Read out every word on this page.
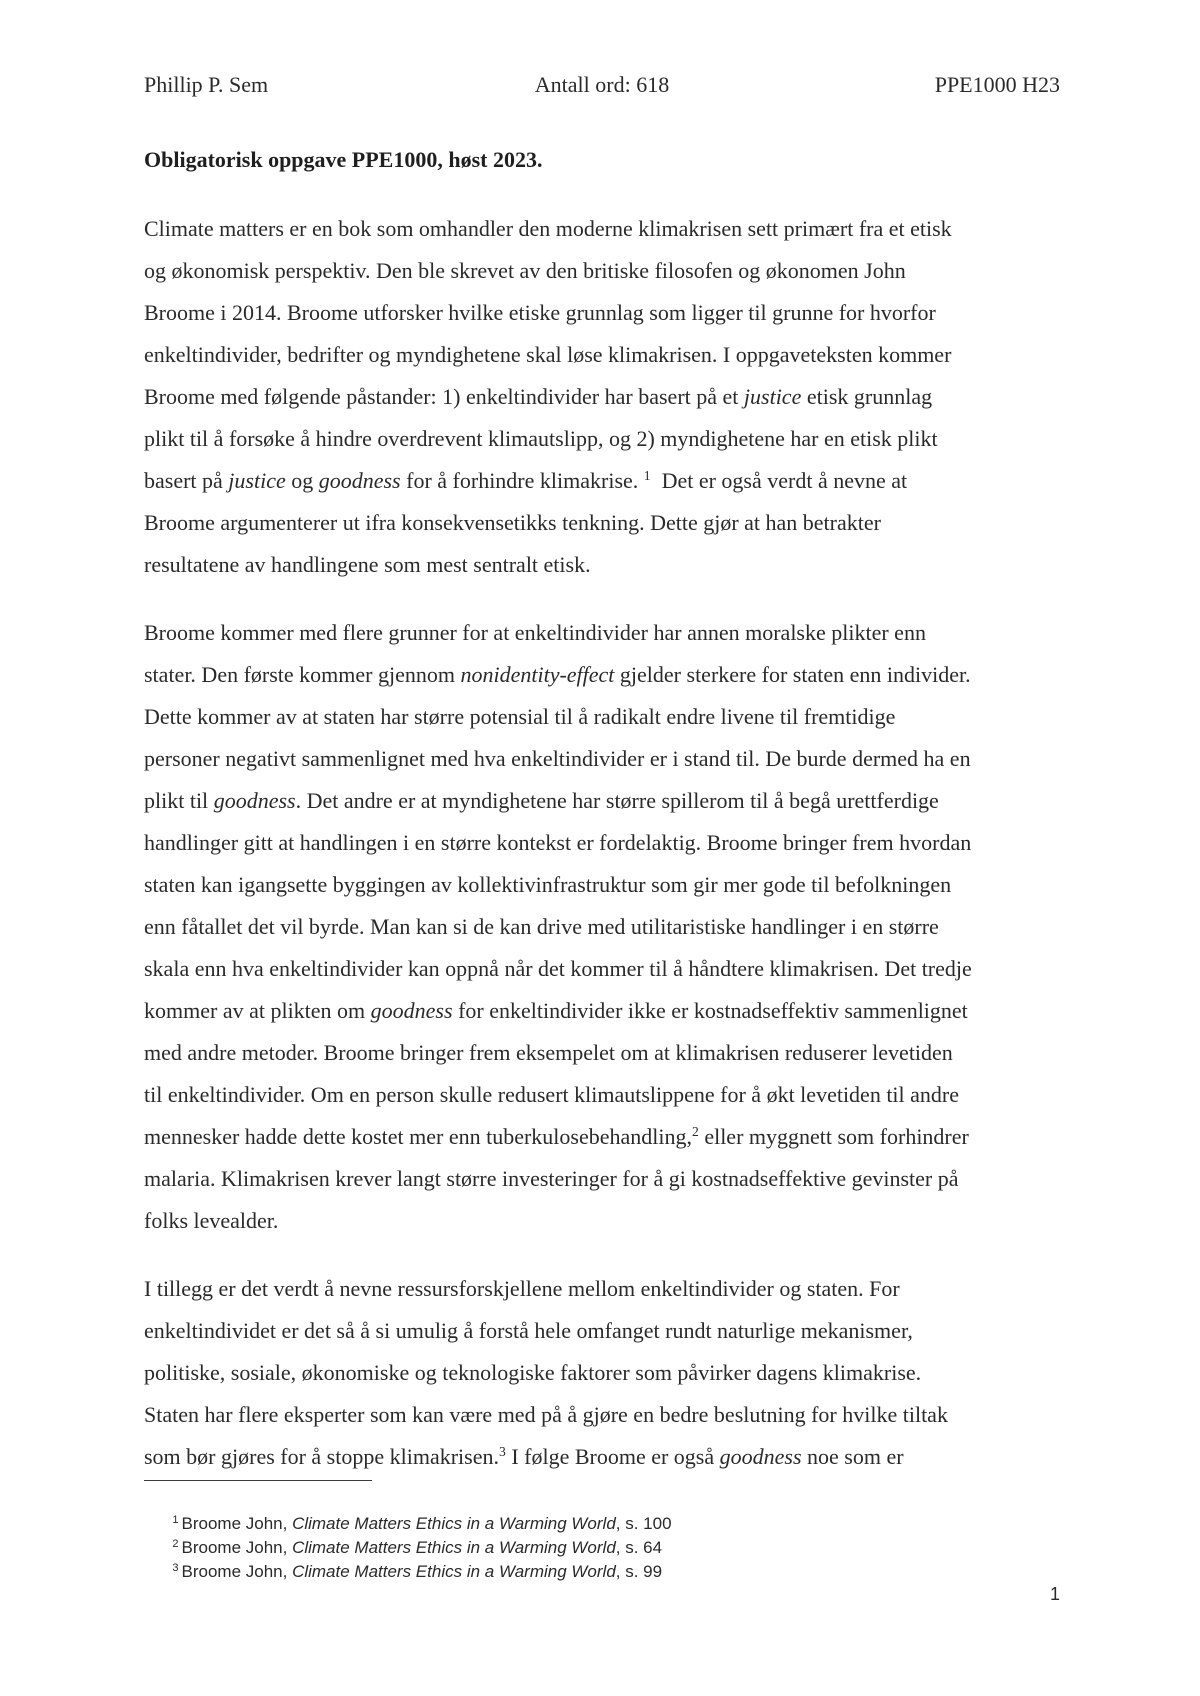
Phillip P. Sem	Antall ord: 618	PPE1000 H23
Obligatorisk oppgave PPE1000, høst 2023.
Climate matters er en bok som omhandler den moderne klimakrisen sett primært fra et etisk
og økonomisk perspektiv. Den ble skrevet av den britiske filosofen og økonomen John
Broome i 2014. Broome utforsker hvilke etiske grunnlag som ligger til grunne for hvorfor
enkeltindivider, bedrifter og myndighetene skal løse klimakrisen. I oppgaveteksten kommer
Broome med følgende påstander: 1) enkeltindivider har basert på et justice etisk grunnlag
plikt til å forsøke å hindre overdrevent klimautslipp, og 2) myndighetene har en etisk plikt
basert på justice og goodness for å forhindre klimakrise. $^1$  Det er også verdt å nevne at
Broome argumenterer ut ifra konsekvensetikks tenkning. Dette gjør at han betrakter
resultatene av handlingene som mest sentralt etisk.
Broome kommer med flere grunner for at enkeltindivider har annen moralske plikter enn
stater. Den første kommer gjennom nonidentity-effect gjelder sterkere for staten enn individer.
Dette kommer av at staten har større potensial til å radikalt endre livene til fremtidige
personer negativt sammenlignet med hva enkeltindivider er i stand til. De burde dermed ha en
plikt til goodness. Det andre er at myndighetene har større spillerom til å begå urettferdige
handlinger gitt at handlingen i en større kontekst er fordelaktig. Broome bringer frem hvordan
staten kan igangsette byggingen av kollektivinfrastruktur som gir mer gode til befolkningen
enn fåtallet det vil byrde. Man kan si de kan drive med utilitaristiske handlinger i en større
skala enn hva enkeltindivider kan oppnå når det kommer til å håndtere klimakrisen. Det tredje
kommer av at plikten om goodness for enkeltindivider ikke er kostnadseffektiv sammenlignet
med andre metoder. Broome bringer frem eksempelet om at klimakrisen reduserer levetiden
til enkeltindivider. Om en person skulle redusert klimautslippene for å økt levetiden til andre
mennesker hadde dette kostet mer enn tuberkulosebehandling,$^2$ eller myggnett som forhindrer
malaria. Klimakrisen krever langt større investeringer for å gi kostnadseffektive gevinster på
folks levealder.
I tillegg er det verdt å nevne ressursforskjellene mellom enkeltindivider og staten. For
enkeltindividet er det så å si umulig å forstå hele omfanget rundt naturlige mekanismer,
politiske, sosiale, økonomiske og teknologiske faktorer som påvirker dagens klimakrise.
Staten har flere eksperter som kan være med på å gjøre en bedre beslutning for hvilke tiltak
som bør gjøres for å stoppe klimakrisen.$^3$ I følge Broome er også goodness noe som er

$^1$ Broome John, Climate Matters Ethics in a Warming World, s. 100

$^2$ Broome John, Climate Matters Ethics in a Warming World, s. 64

$^3$ Broome John, Climate Matters Ethics in a Warming World, s. 99

1
